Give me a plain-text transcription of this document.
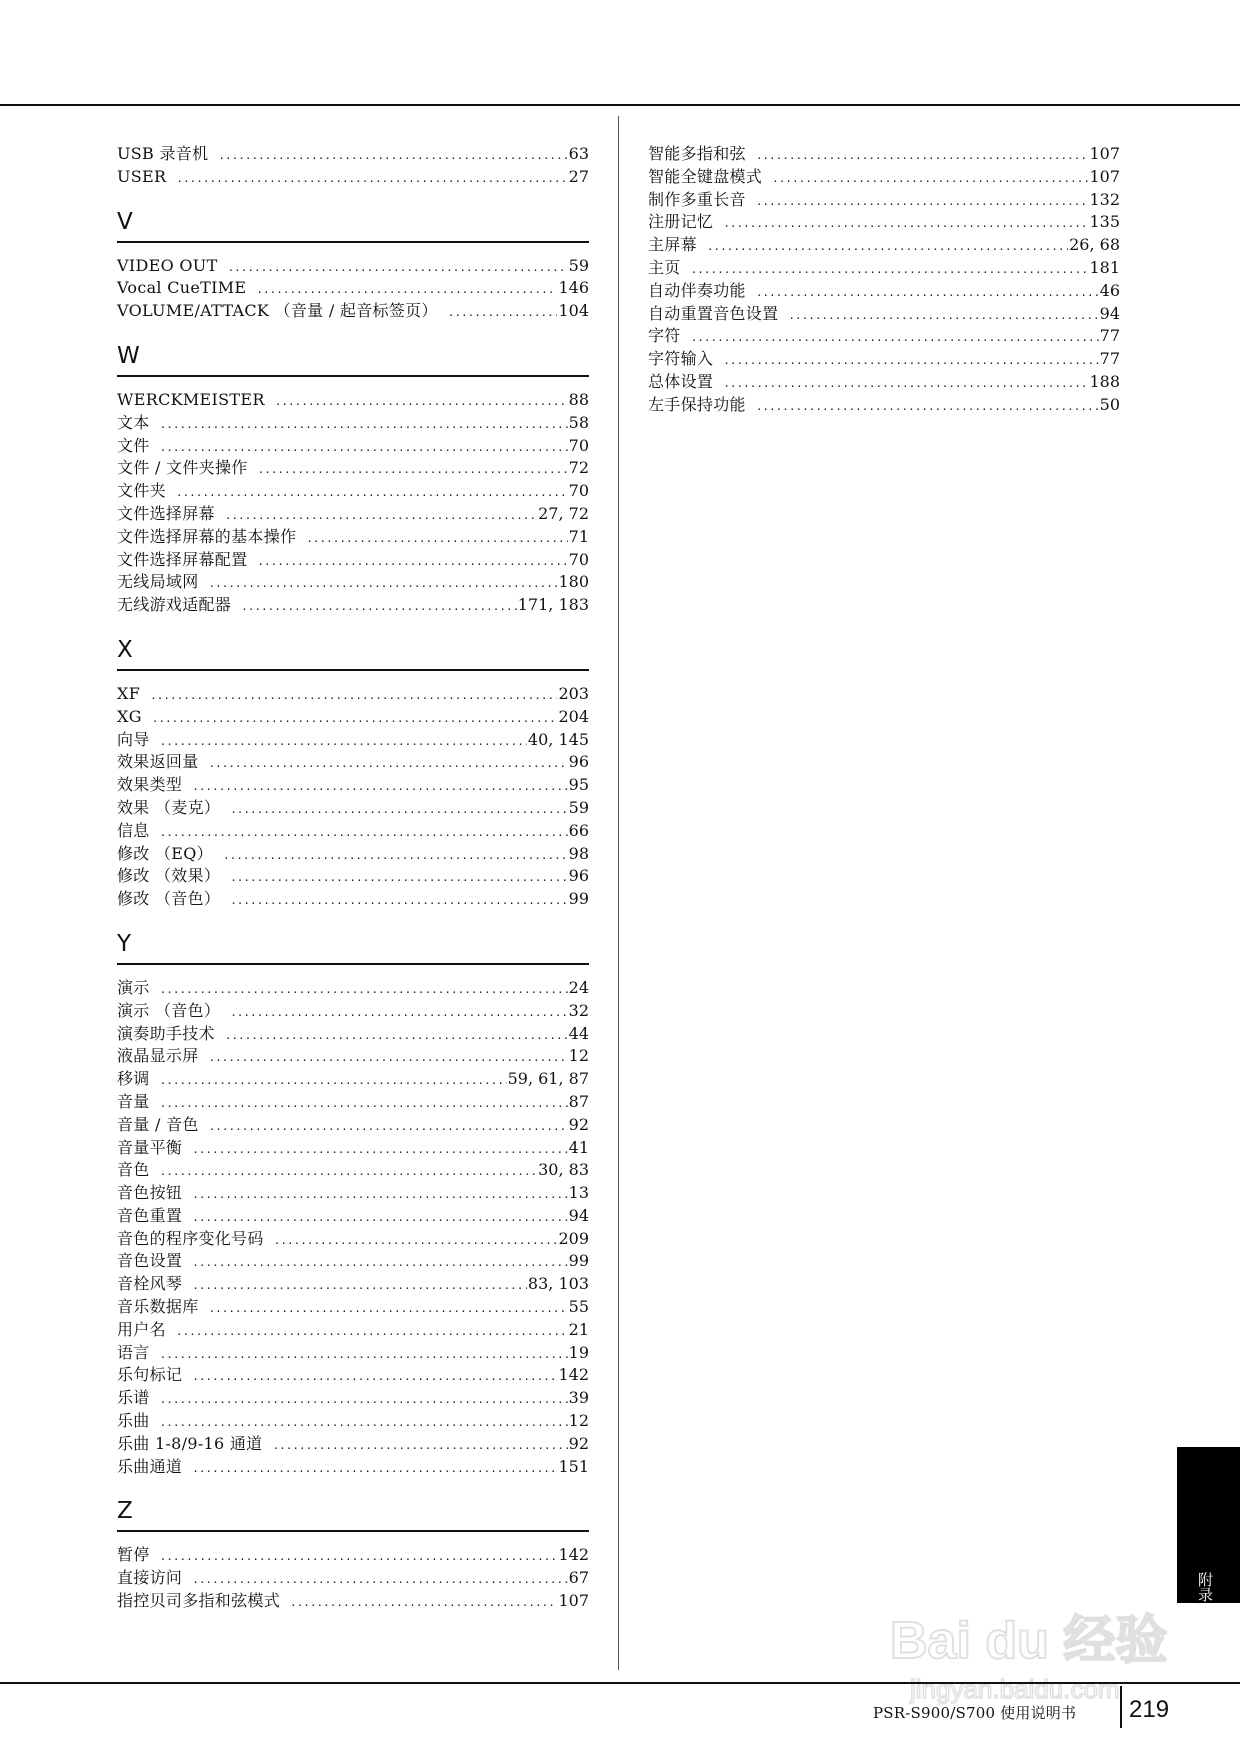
USB 录音机 .....	63
USER .....	27
V
VIDEO OUT .....	59
Vocal CueTIME .....	146
VOLUME/ATTACK （音量 / 起音标签页） .....	104
W
WERCKMEISTER .....	88
文本 .....	58
文件 .....	70
文件 / 文件夹操作 .....	72
文件夹 .....	70
文件选择屏幕 .....	27, 72
文件选择屏幕的基本操作 .....	71
文件选择屏幕配置 .....	70
无线局域网 .....	180
无线游戏适配器 .....	171, 183
X
XF .....	203
XG .....	204
向导 .....	40, 145
效果返回量 .....	96
效果类型 .....	95
效果 （麦克） .....	59
信息 .....	66
修改 （EQ） .....	98
修改 （效果） .....	96
修改 （音色） .....	99
Y
演示 .....	24
演示 （音色） .....	32
演奏助手技术 .....	44
液晶显示屏 .....	12
移调 .....	59, 61, 87
音量 .....	87
音量 / 音色 .....	92
音量平衡 .....	41
音色 .....	30, 83
音色按钮 .....	13
音色重置 .....	94
音色的程序变化号码 .....	209
音色设置 .....	99
音栓风琴 .....	83, 103
音乐数据库 .....	55
用户名 .....	21
语言 .....	19
乐句标记 .....	142
乐谱 .....	39
乐曲 .....	12
乐曲 1-8/9-16 通道 .....	92
乐曲通道 .....	151
Z
暂停 .....	142
直接访问 .....	67
指控贝司多指和弦模式 .....	107
智能多指和弦 .....	107
智能全键盘模式 .....	107
制作多重长音 .....	132
注册记忆 .....	135
主屏幕 .....	26, 68
主页 .....	181
自动伴奏功能 .....	46
自动重置音色设置 .....	94
字符 .....	77
字符输入 .....	77
总体设置 .....	188
左手保持功能 .....	50
附录
Bai du 经验
jingyan.baidu.com
PSR-S900/S700 使用说明书 219
